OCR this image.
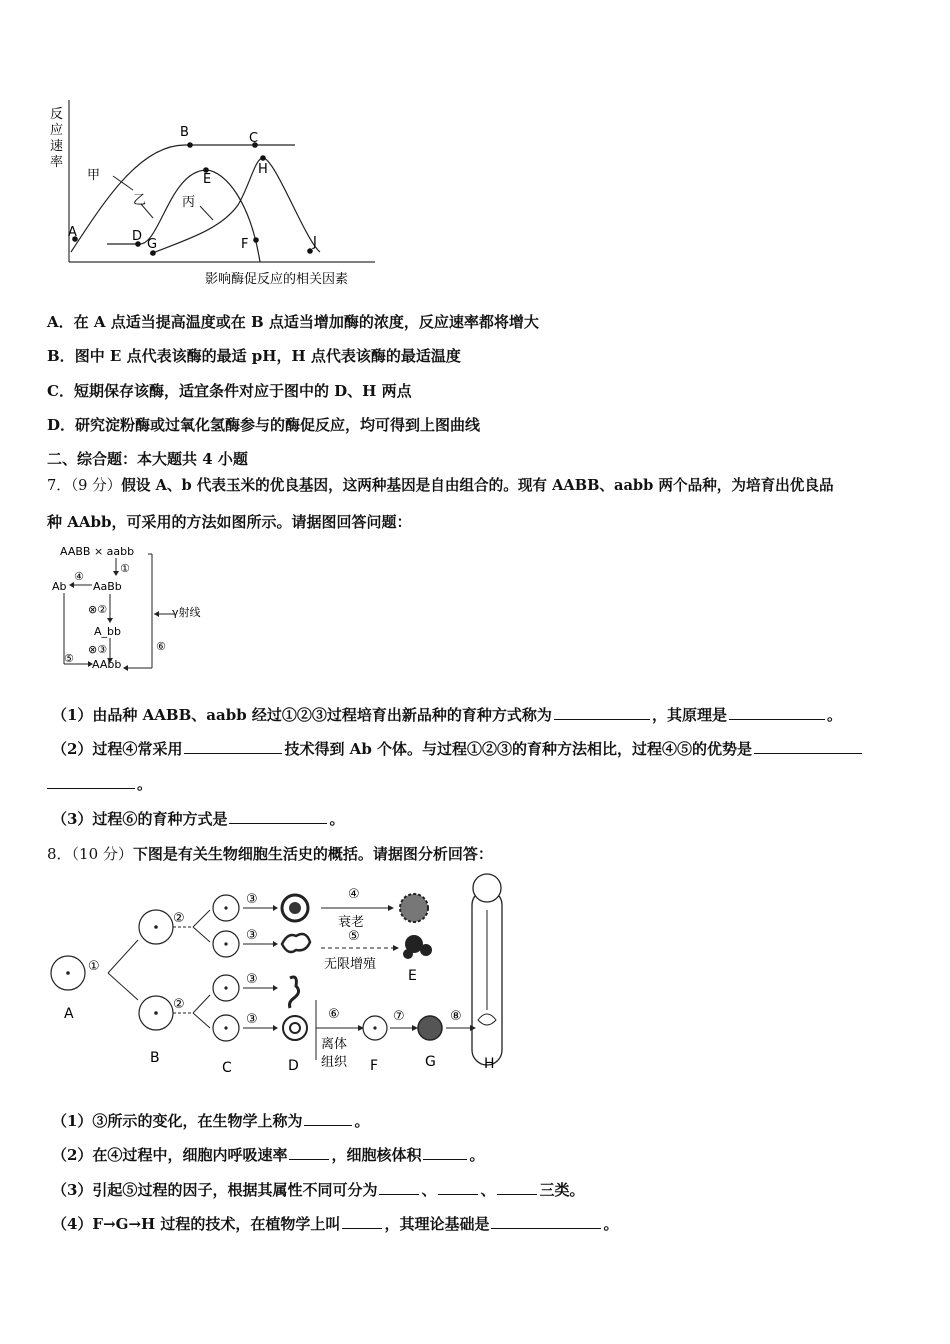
反
应
速
率
甲
乙	丙
A
B	C
D
E
F
G
H
J
影响酶促反应的相关因素
A．在 A 点适当提高温度或在 B 点适当增加酶的浓度，反应速率都将增大
B．图中 E 点代表该酶的最适 pH，H 点代表该酶的最适温度
C．短期保存该酶，适宜条件对应于图中的 D、H 两点
D．研究淀粉酶或过氧化氢酶参与的酶促反应，均可得到上图曲线
二、综合题：本大题共 4 小题
7．（9 分）假设 A、b 代表玉米的优良基因，这两种基因是自由组合的。现有 AABB、aabb 两个品种，为培育出优良品
种 AAbb，可采用的方法如图所示。请据图回答问题：
AABB × aabb
①
Ab
④
AaBb
⊗②
A_bb
⊗③
⑤ AAbb
γ射线
⑥
（1）由品种 AABB、aabb 经过①②③过程培育出新品种的育种方式称为	，其原理是	。
（2）过程④常采用	技术得到 Ab 个体。与过程①②③的育种方法相比，过程④⑤的优势是
。
（3）过程⑥的育种方式是	。
8．（10 分）下图是有关生物细胞生活史的概括。请据图分析回答：
①
②
②
③
③
③
③
④
衰老
⑤
无限增殖
⑥
离体
组织
⑦	⑧
A
B
C	D
E
F	G	H
（1）③所示的变化，在生物学上称为	。
（2）在④过程中，细胞内呼吸速率	，细胞核体积	。
（3）引起⑤过程的因子，根据其属性不同可分为	、	、	三类。
（4）F→G→H 过程的技术，在植物学上叫	，其理论基础是	。
